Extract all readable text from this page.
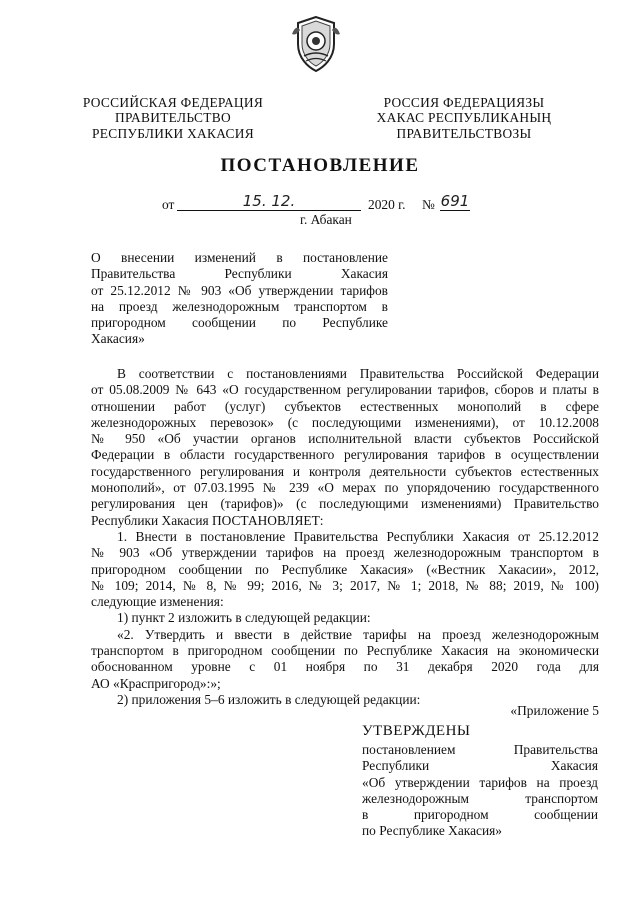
РОССИЙСКАЯ ФЕДЕРАЦИЯ
ПРАВИТЕЛЬСТВО
РЕСПУБЛИКИ ХАКАСИЯ
РОССИЯ ФЕДЕРАЦИЯЗЫ
ХАКАС РЕСПУБЛИКАНЫҢ
ПРАВИТЕЛЬСТВОЗЫ
ПОСТАНОВЛЕНИЕ
от	15. 12.	2020 г. № 691
г. Абакан
О внесении изменений в постановление
Правительства Республики Хакасия
от 25.12.2012 № 903 «Об утверждении тарифов
на проезд железнодорожным транспортом в
пригородном сообщении по Республике
Хакасия»
В соответствии с постановлениями Правительства Российской Федерации
от 05.08.2009 № 643 «О государственном регулировании тарифов, сборов и платы в
отношении работ (услуг) субъектов естественных монополий в сфере
железнодорожных перевозок» (с последующими изменениями), от 10.12.2008
№ 950 «Об участии органов исполнительной власти субъектов Российской
Федерации в области государственного регулирования тарифов в осуществлении
государственного регулирования и контроля деятельности субъектов естественных
монополий», от 07.03.1995 № 239 «О мерах по упорядочению государственного
регулирования цен (тарифов)» (с последующими изменениями) Правительство
Республики Хакасия ПОСТАНОВЛЯЕТ:
1. Внести в постановление Правительства Республики Хакасия от 25.12.2012
№ 903 «Об утверждении тарифов на проезд железнодорожным транспортом в
пригородном сообщении по Республике Хакасия» («Вестник Хакасии», 2012,
№ 109; 2014, № 8, № 99; 2016, № 3; 2017, № 1; 2018, № 88; 2019, № 100)
следующие изменения:
1) пункт 2 изложить в следующей редакции:
«2. Утвердить и ввести в действие тарифы на проезд железнодорожным
транспортом в пригородном сообщении по Республике Хакасия на экономически
обоснованном уровне с 01 ноября по 31 декабря 2020 года для
АО «Краспригород»:»;
2) приложения 5–6 изложить в следующей редакции:
«Приложение 5
УТВЕРЖДЕНЫ
постановлением Правительства
Республики Хакасия
«Об утверждении тарифов на проезд
железнодорожным транспортом
в пригородном сообщении
по Республике Хакасия»
